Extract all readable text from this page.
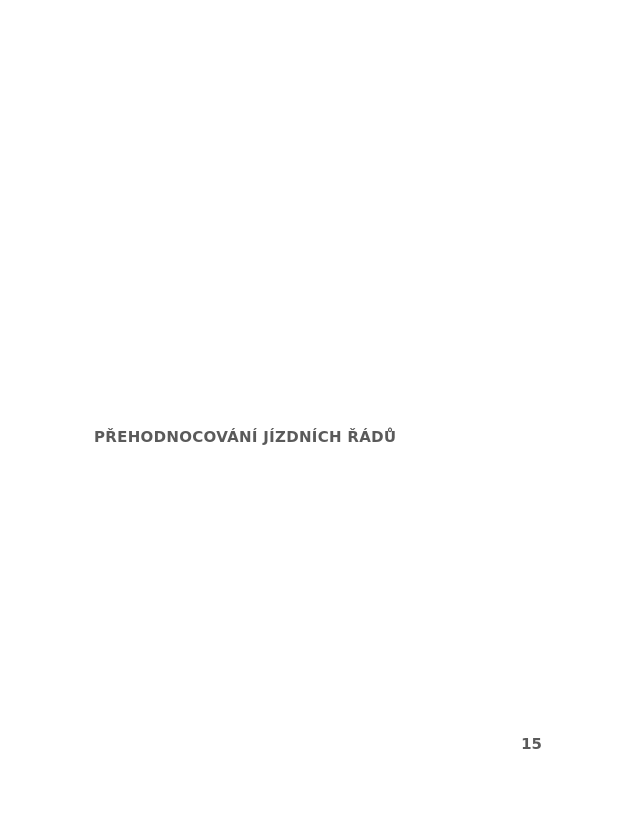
PŘEHODNOCOVÁNÍ JÍZDNÍCH ŘÁDŮ

15
